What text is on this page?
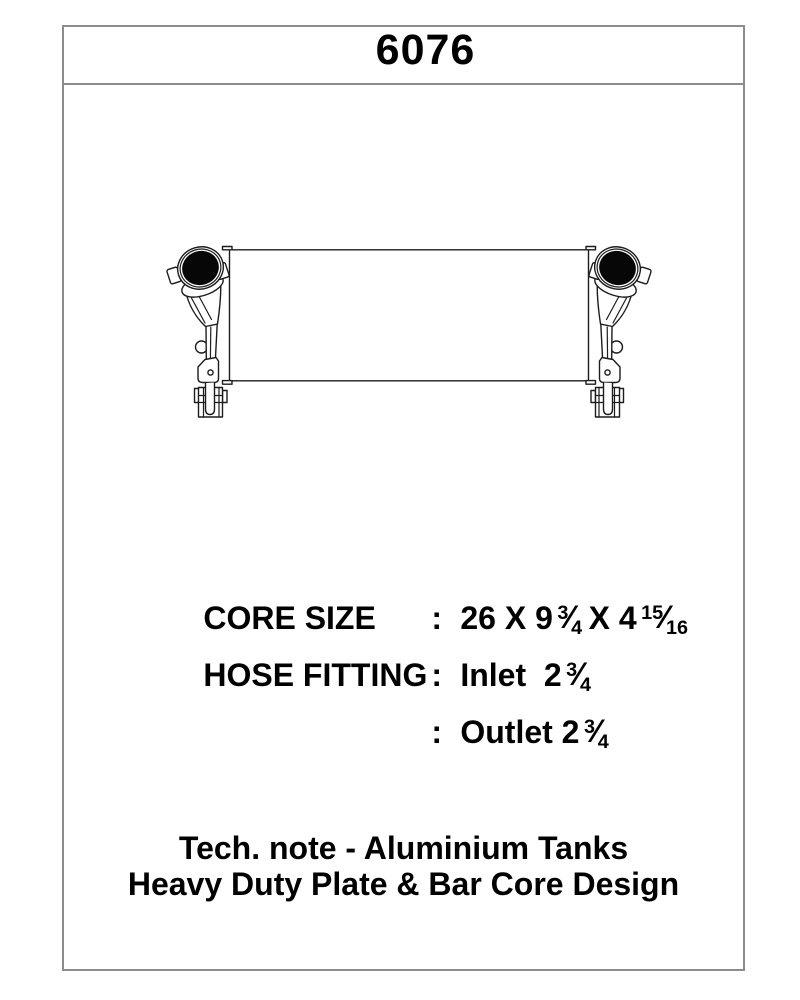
6076

CORE SIZE : 26 X 9 $^3$⁄4 X 4 $^{15}$⁄16

HOSE FITTING : Inlet  2 $^3$⁄4

: Outlet 2 $^3$⁄4

Tech. note - Aluminium Tanks
Heavy Duty Plate & Bar Core Design
